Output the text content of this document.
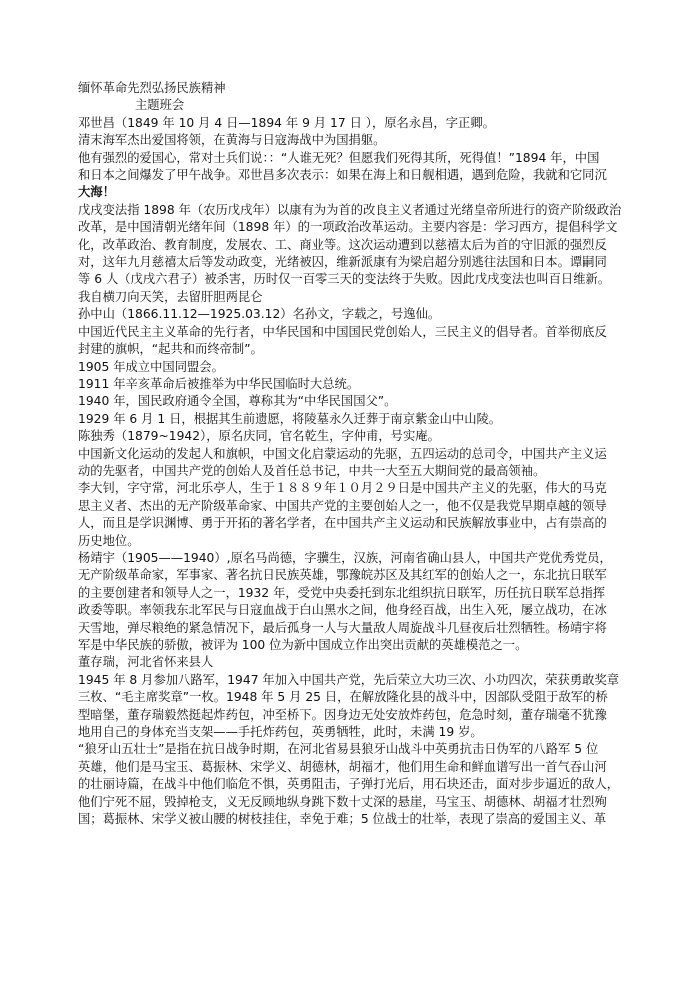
缅怀革命先烈弘扬民族精神
主题班会
邓世昌（1849 年 10 月 4 日—1894 年 9 月 17 日 ），原名永昌，字正卿。
清末海军杰出爱国将领，在黄海与日寇海战中为国捐躯。
他有强烈的爱国心，常对士兵们说：：“人谁无死？但愿我们死得其所，死得值！”1894 年，中国
和日本之间爆发了甲午战争。邓世昌多次表示：如果在海上和日舰相遇，遇到危险，我就和它同沉
大海！
戊戌变法指 1898 年（农历戊戌年）以康有为为首的改良主义者通过光绪皇帝所进行的资产阶级政治
改革，是中国清朝光绪年间（1898 年）的一项政治改革运动。主要内容是：学习西方，提倡科学文
化，改革政治、教育制度，发展农、工、商业等。这次运动遭到以慈禧太后为首的守旧派的强烈反
对，这年九月慈禧太后等发动政变，光绪被囚，维新派康有为梁启超分别逃往法国和日本。谭嗣同
等 6 人（戊戌六君子）被杀害，历时仅一百零三天的变法终于失败。因此戊戌变法也叫百日维新。
我自横刀向天笑，去留肝胆两昆仑
孙中山（1866.11.12—1925.03.12）名孙文，字载之，号逸仙。
中国近代民主主义革命的先行者，中华民国和中国国民党创始人，三民主义的倡导者。首举彻底反
封建的旗帜，“起共和而终帝制”。
1905 年成立中国同盟会。
1911 年辛亥革命后被推举为中华民国临时大总统。
1940 年，国民政府通令全国，尊称其为“中华民国国父”。
1929 年 6 月 1 日，根据其生前遗愿，将陵墓永久迁葬于南京紫金山中山陵。
陈独秀（1879~1942），原名庆同，官名乾生，字仲甫，号实庵。
中国新文化运动的发起人和旗帜，中国文化启蒙运动的先驱，五四运动的总司令，中国共产主义运
动的先驱者，中国共产党的创始人及首任总书记，中共一大至五大期间党的最高领袖。
李大钊，字守常，河北乐亭人，生于１８８９年１０月２９日是中国共产主义的先驱，伟大的马克
思主义者、杰出的无产阶级革命家、中国共产党的主要创始人之一，他不仅是我党早期卓越的领导
人，而且是学识渊博、勇于开拓的著名学者，在中国共产主义运动和民族解放事业中，占有崇高的
历史地位。
杨靖宇（1905——1940）,原名马尚德，字骥生，汉族，河南省确山县人，中国共产党优秀党员，
无产阶级革命家，军事家、著名抗日民族英雄，鄂豫皖苏区及其红军的创始人之一，东北抗日联军
的主要创建者和领导人之一，1932 年，受党中央委托到东北组织抗日联军，历任抗日联军总指挥
政委等职。率领我东北军民与日寇血战于白山黑水之间，他身经百战，出生入死，屡立战功，在冰
天雪地，弹尽粮绝的紧急情况下，最后孤身一人与大量敌人周旋战斗几昼夜后壮烈牺牲。杨靖宇将
军是中华民族的骄傲，被评为 100 位为新中国成立作出突出贡献的英雄模范之一。
董存瑞，河北省怀来县人
1945 年 8 月参加八路军，1947 年加入中国共产党，先后荣立大功三次、小功四次，荣获勇敢奖章
三枚、“毛主席奖章”一枚。1948 年 5 月 25 日，在解放隆化县的战斗中，因部队受阻于敌军的桥
型暗堡，董存瑞毅然挺起炸药包，冲至桥下。因身边无处安放炸药包，危急时刻，董存瑞毫不犹豫
地用自己的身体充当支架——手托炸药包，英勇牺牲，此时，未满 19 岁。
“狼牙山五壮士”是指在抗日战争时期，在河北省易县狼牙山战斗中英勇抗击日伪军的八路军 5 位
英雄，他们是马宝玉、葛振林、宋学义、胡德林，胡福才，他们用生命和鲜血谱写出一首气吞山河
的壮丽诗篇，在战斗中他们临危不惧，英勇阻击，子弹打光后，用石块还击，面对步步逼近的敌人，
他们宁死不屈，毁掉枪支，义无反顾地纵身跳下数十丈深的悬崖，马宝玉、胡德林、胡福才壮烈殉
国；葛振林、宋学义被山腰的树枝挂住，幸免于难；5 位战士的壮举，表现了崇高的爱国主义、革
